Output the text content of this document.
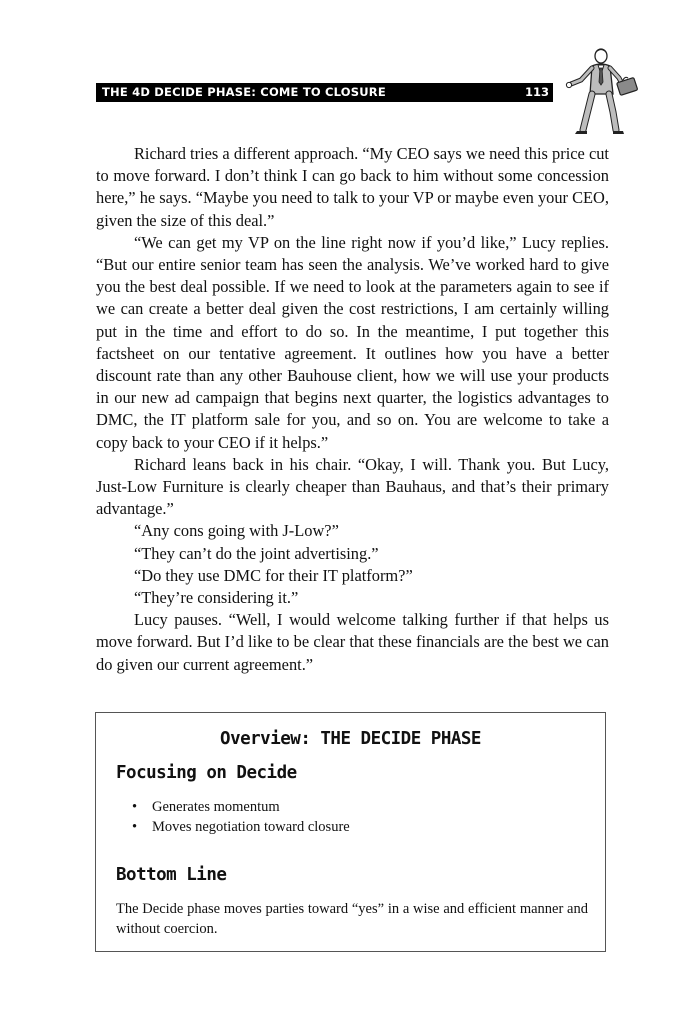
THE 4D DECIDE PHASE: COME TO CLOSURE	113

Richard tries a different approach. “My CEO says we need this price cut to move forward. I don’t think I can go back to him without some concession here,” he says. “Maybe you need to talk to your VP or maybe even your CEO, given the size of this deal.”

“We can get my VP on the line right now if you’d like,” Lucy replies. “But our entire senior team has seen the analysis. We’ve worked hard to give you the best deal possible. If we need to look at the parameters again to see if we can create a better deal given the cost restrictions, I am certainly willing put in the time and effort to do so. In the meantime, I put together this factsheet on our tentative agreement. It outlines how you have a better discount rate than any other Bauhouse client, how we will use your products in our new ad campaign that begins next quarter, the logistics advantages to DMC, the IT platform sale for you, and so on. You are welcome to take a copy back to your CEO if it helps.”

Richard leans back in his chair. “Okay, I will. Thank you. But Lucy, Just-Low Furniture is clearly cheaper than Bauhaus, and that’s their primary advantage.”

“Any cons going with J-Low?”

“They can’t do the joint advertising.”

“Do they use DMC for their IT platform?”

“They’re considering it.”

Lucy pauses. “Well, I would welcome talking further if that helps us move forward. But I’d like to be clear that these financials are the best we can do given our current agreement.”

Overview: THE DECIDE PHASE
Focusing on Decide
• Generates momentum
• Moves negotiation toward closure
Bottom Line

The Decide phase moves parties toward “yes” in a wise and efficient manner and without coercion.
